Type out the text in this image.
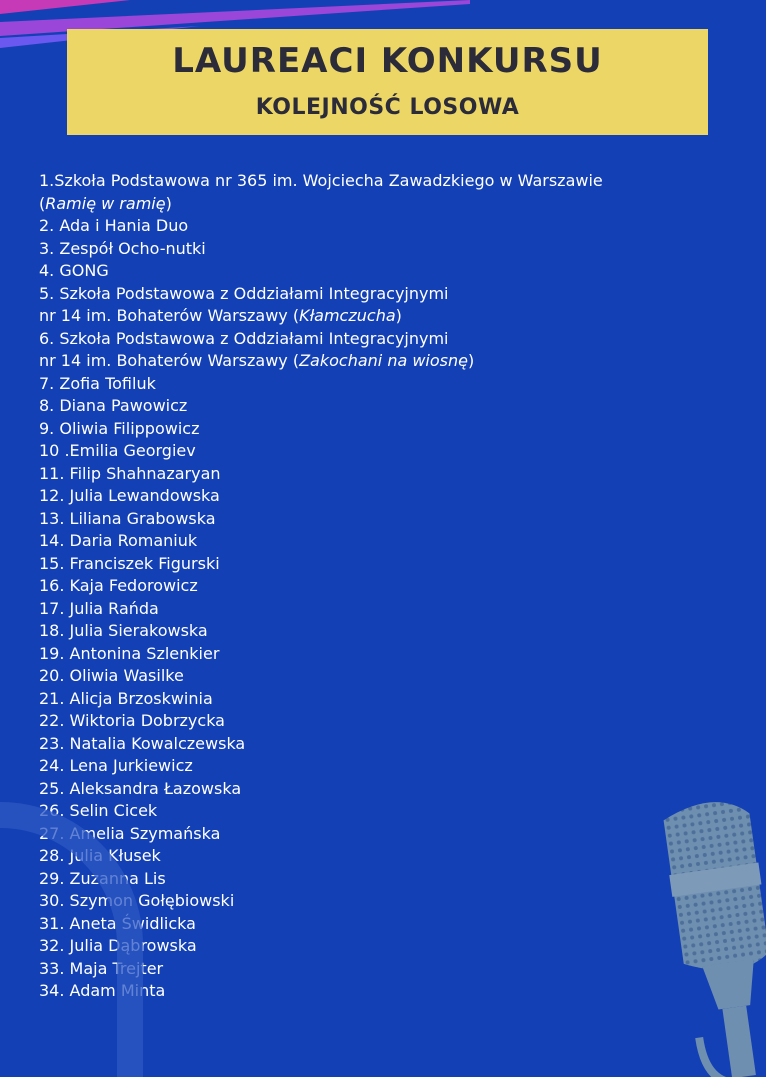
LAUREACI KONKURSU
KOLEJNOŚĆ LOSOWA
1.Szkoła Podstawowa nr 365 im. Wojciecha Zawadzkiego w Warszawie
(Ramię w ramię)
2. Ada i Hania Duo
3. Zespół Ocho-nutki
4. GONG
5. Szkoła Podstawowa z Oddziałami Integracyjnymi
nr 14 im. Bohaterów Warszawy (Kłamczucha)
6. Szkoła Podstawowa z Oddziałami Integracyjnymi
nr 14 im. Bohaterów Warszawy (Zakochani na wiosnę)
7. Zofia Tofiluk
8. Diana Pawowicz
9. Oliwia Filippowicz
10 .Emilia Georgiev
11. Filip Shahnazaryan
12. Julia Lewandowska
13. Liliana Grabowska
14. Daria Romaniuk
15. Franciszek Figurski
16. Kaja Fedorowicz
17. Julia Rańda
18. Julia Sierakowska
19. Antonina Szlenkier
20. Oliwia Wasilke
21. Alicja Brzoskwinia
22. Wiktoria Dobrzycka
23. Natalia Kowalczewska
24. Lena Jurkiewicz
25. Aleksandra Łazowska
26. Selin Cicek
27. Amelia Szymańska
28. Julia Kłusek
29. Zuzanna Lis
30. Szymon Gołębiowski
31. Aneta Świdlicka
32. Julia Dąbrowska
33. Maja Trejter
34. Adam Minta
